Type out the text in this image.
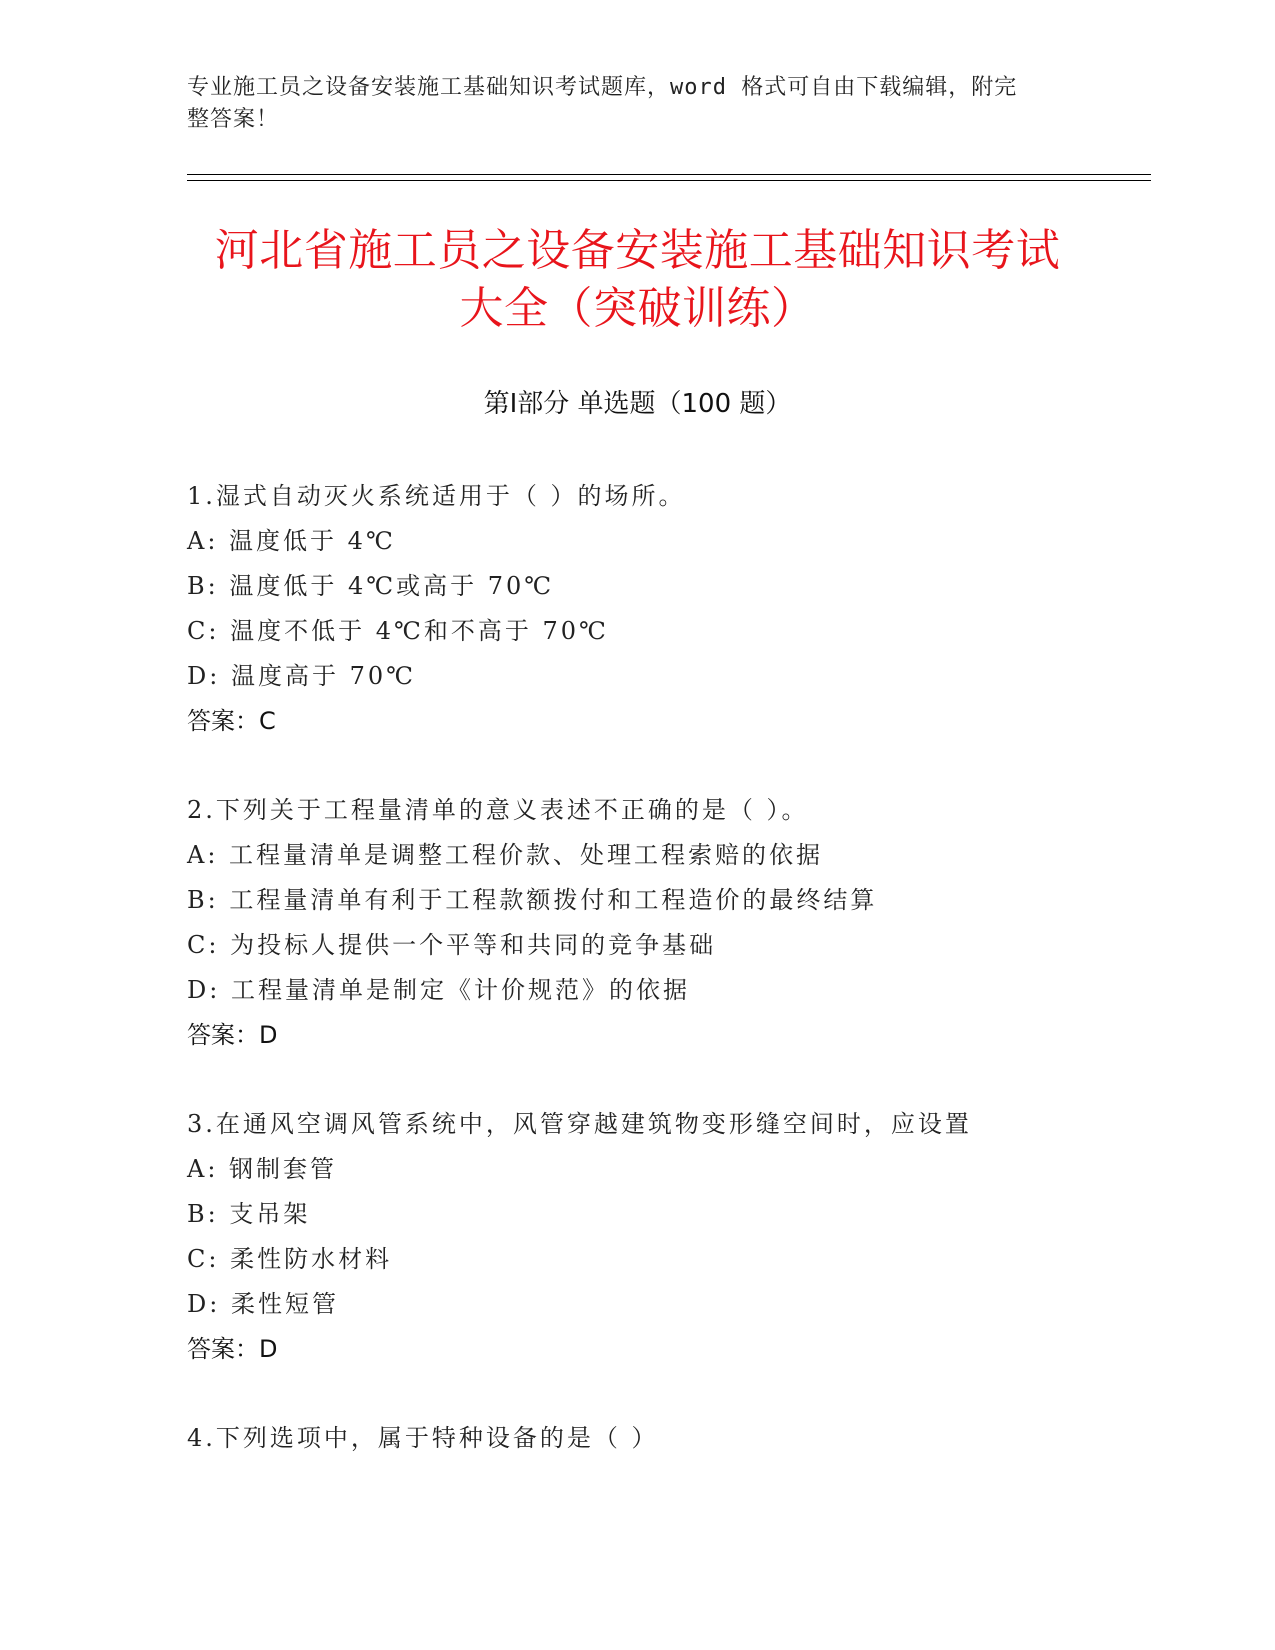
专业施工员之设备安装施工基础知识考试题库，word 格式可自由下载编辑，附完
整答案！
河北省施工员之设备安装施工基础知识考试
大全（突破训练）
第Ⅰ部分 单选题（100 题）
1.湿式自动灭火系统适用于（ ）的场所。
A: 温度低于 4℃
B: 温度低于 4℃或高于 70℃
C: 温度不低于 4℃和不高于 70℃
D: 温度高于 70℃
答案：C
2.下列关于工程量清单的意义表述不正确的是（ ）。
A: 工程量清单是调整工程价款、处理工程索赔的依据
B: 工程量清单有利于工程款额拨付和工程造价的最终结算
C: 为投标人提供一个平等和共同的竞争基础
D: 工程量清单是制定《计价规范》的依据
答案：D
3.在通风空调风管系统中，风管穿越建筑物变形缝空间时，应设置
A: 钢制套管
B: 支吊架
C: 柔性防水材料
D: 柔性短管
答案：D
4.下列选项中，属于特种设备的是（ ）
